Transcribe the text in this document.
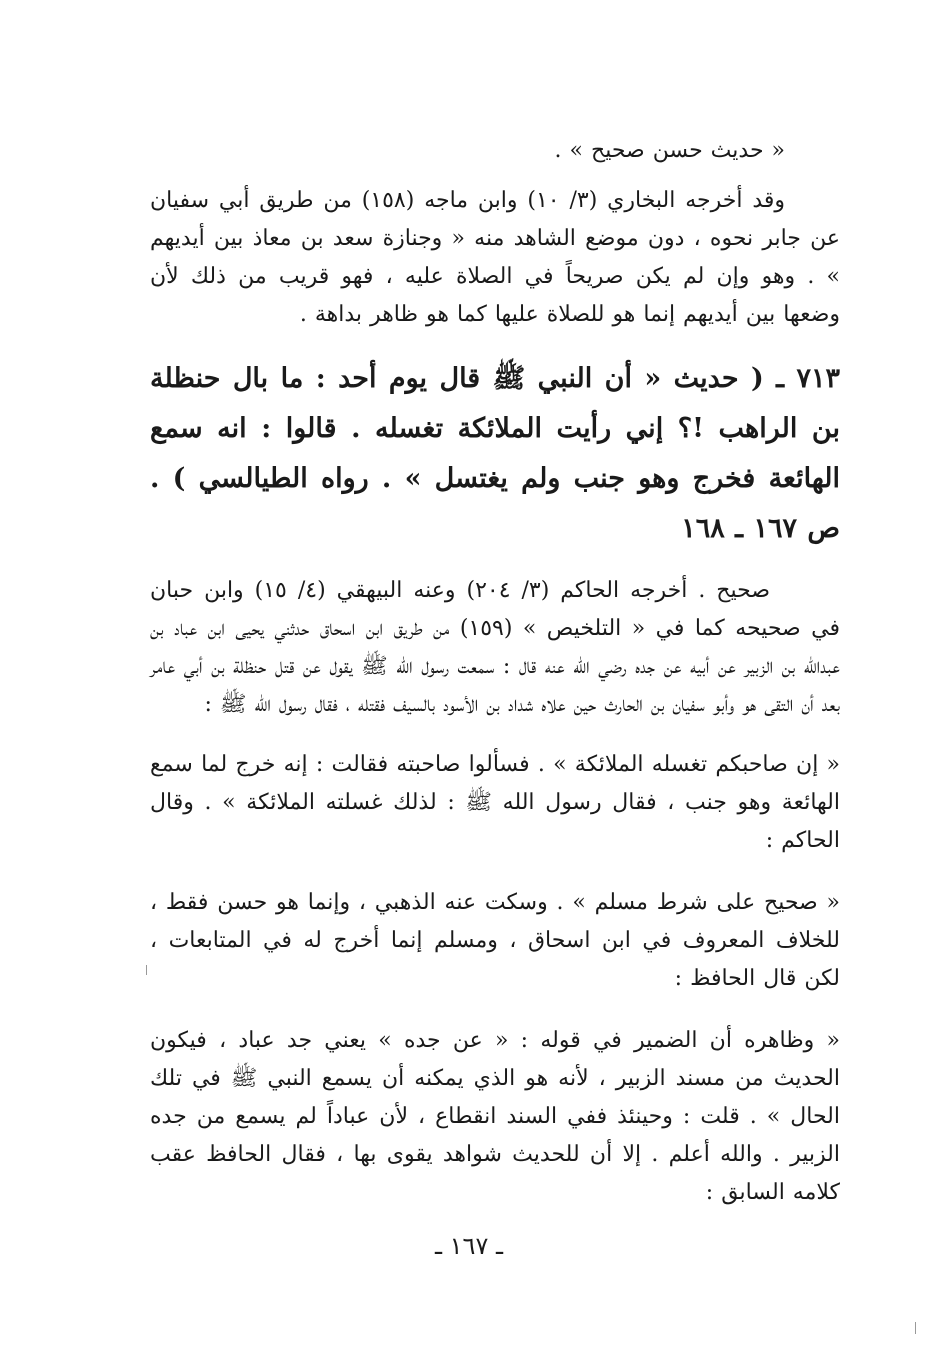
« حديث حسن صحيح » .

وقد أخرجه البخاري (٣/ ١٠) وابن ماجه (١٥٨) من طريق أبي سفيان عن جابر نحوه ، دون موضع الشاهد منه « وجنازة سعد بن معاذ بين أيديهم » . وهو وإن لم يكن صريحاً في الصلاة عليه ، فهو قريب من ذلك لأن وضعها بين أيديهم إنما هو للصلاة عليها كما هو ظاهر بداهة .

٧١٣ ـ ( حديث « أن النبي ﷺ قال يوم أحد : ما بال حنظلة بن الراهب !؟ إني رأيت الملائكة تغسله . قالوا : انه سمع الهائعة فخرج وهو جنب ولم يغتسل » . رواه الطيالسي ) . ص ١٦٧ ـ ١٦٨

صحيح . أخرجه الحاكم (٣/ ٢٠٤) وعنه البيهقي (٤/ ١٥) وابن حبان في صحيحه كما في « التلخيص » (١٥٩) من طريق ابن اسحاق حدثني يحيى ابن عباد بن عبدالله بن الزبير عن أبيه عن جده رضي الله عنه قال : سمعت رسول الله ﷺ يقول عن قتل حنظلة بن أبي عامر بعد أن التقى هو وأبو سفيان بن الحارث حين علاه شداد بن الأسود بالسيف فقتله ، فقال رسول الله ﷺ :

« إن صاحبكم تغسله الملائكة » . فسألوا صاحبته فقالت : إنه خرج لما سمع الهائعة وهو جنب ، فقال رسول الله ﷺ : لذلك غسلته الملائكة » . وقال الحاكم :

« صحيح على شرط مسلم » . وسكت عنه الذهبي ، وإنما هو حسن فقط ، للخلاف المعروف في ابن اسحاق ، ومسلم إنما أخرج له في المتابعات ، لكن قال الحافظ :

« وظاهره أن الضمير في قوله : « عن جده » يعني جد عباد ، فيكون الحديث من مسند الزبير ، لأنه هو الذي يمكنه أن يسمع النبي ﷺ في تلك الحال » . قلت : وحينئذ ففي السند انقطاع ، لأن عباداً لم يسمع من جده الزبير . والله أعلم . إلا أن للحديث شواهد يقوى بها ، فقال الحافظ عقب كلامه السابق :

ـ ١٦٧ ـ
